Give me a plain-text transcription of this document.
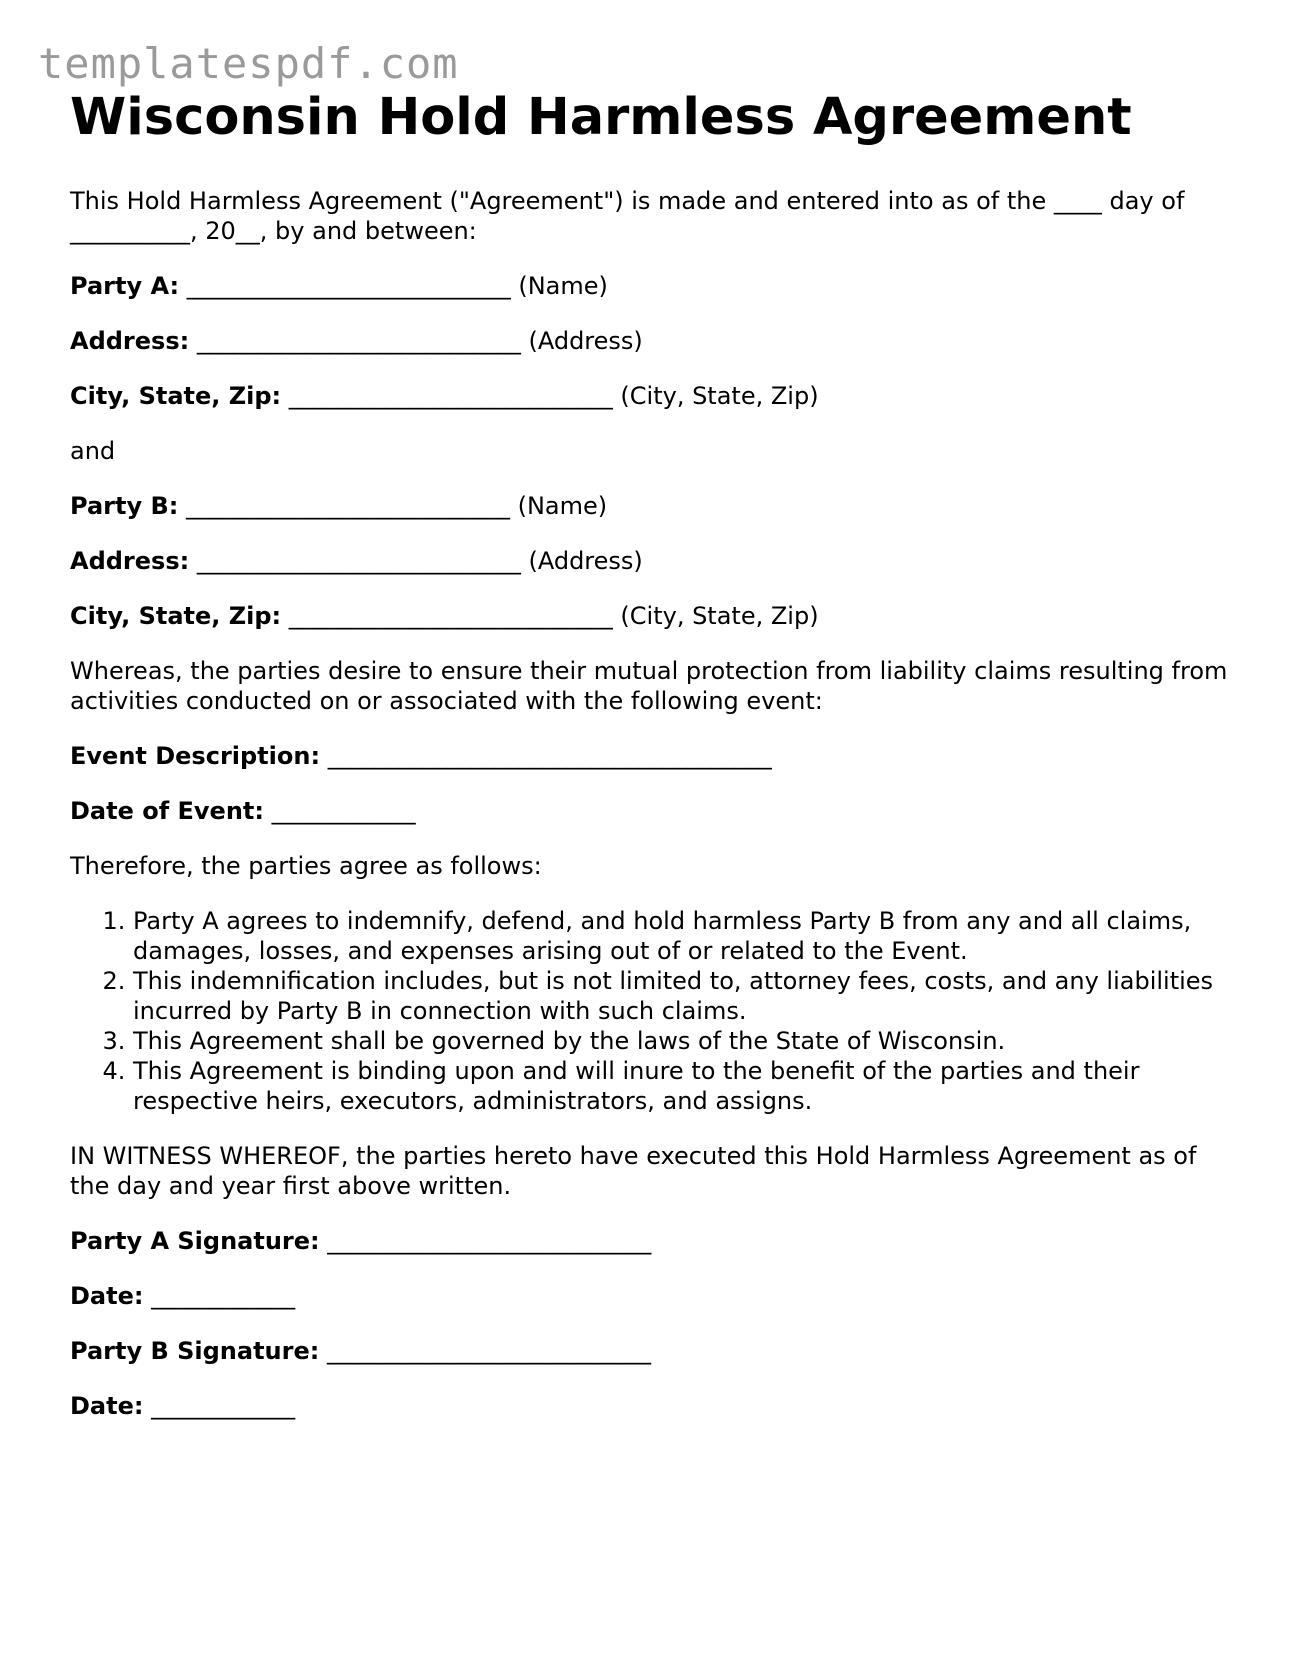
templatespdf.com
Wisconsin Hold Harmless Agreement

This Hold Harmless Agreement ("Agreement") is made and entered into as of the ____ day of __________, 20__, by and between:

Party A: ___________________________ (Name)
Address: ___________________________ (Address)
City, State, Zip: ___________________________ (City, State, Zip)

and

Party B: ___________________________ (Name)
Address: ___________________________ (Address)
City, State, Zip: ___________________________ (City, State, Zip)

Whereas, the parties desire to ensure their mutual protection from liability claims resulting from activities conducted on or associated with the following event:

Event Description: _____________________________________
Date of Event: ____________

Therefore, the parties agree as follows:

1. Party A agrees to indemnify, defend, and hold harmless Party B from any and all claims, damages, losses, and expenses arising out of or related to the Event.
2. This indemnification includes, but is not limited to, attorney fees, costs, and any liabilities incurred by Party B in connection with such claims.
3. This Agreement shall be governed by the laws of the State of Wisconsin.
4. This Agreement is binding upon and will inure to the benefit of the parties and their respective heirs, executors, administrators, and assigns.

IN WITNESS WHEREOF, the parties hereto have executed this Hold Harmless Agreement as of the day and year first above written.

Party A Signature: ___________________________
Date: ____________
Party B Signature: ___________________________
Date: ____________
